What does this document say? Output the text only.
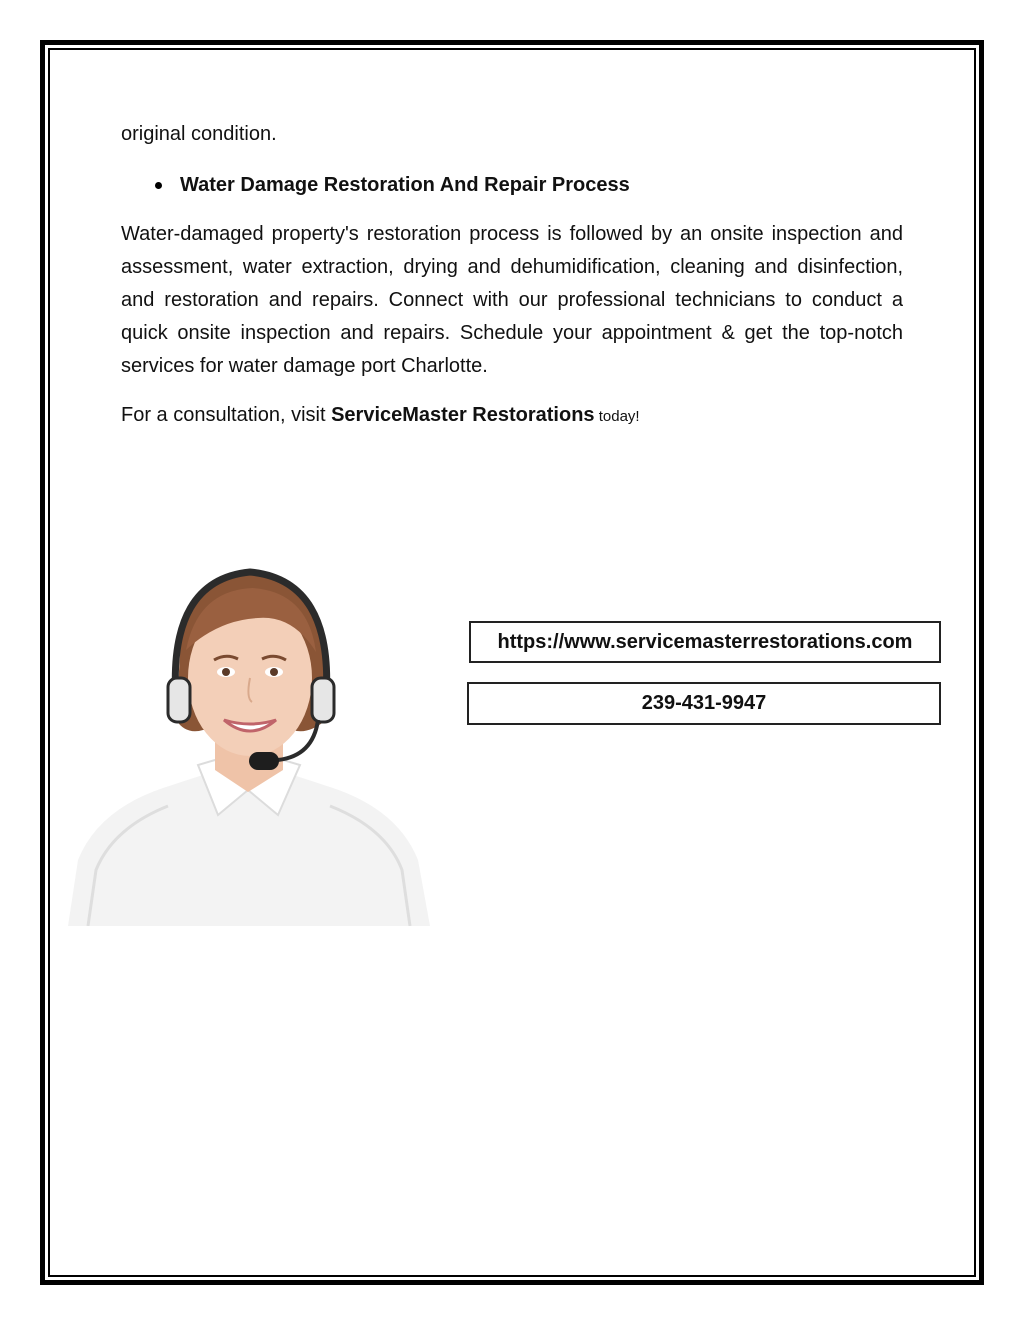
original condition.

Water Damage Restoration And Repair Process

Water-damaged property's restoration process is followed by an onsite inspection and assessment, water extraction, drying and dehumidification, cleaning and disinfection, and restoration and repairs. Connect with our professional technicians to conduct a quick onsite inspection and repairs. Schedule your appointment & get the top-notch services for water damage port Charlotte.

For a consultation, visit ServiceMaster Restorations today!

https://www.servicemasterrestorations.com
239-431-9947
